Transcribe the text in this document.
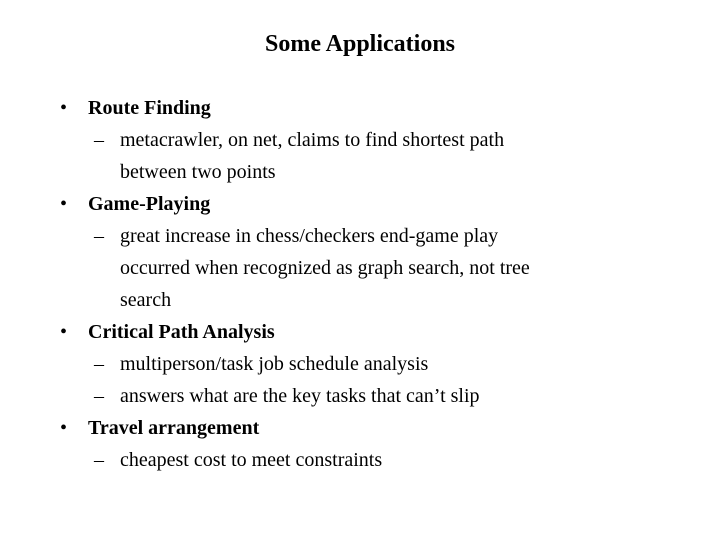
Some Applications
• Route Finding
– metacrawler, on net, claims to find shortest path
between two points
• Game-Playing
– great increase in chess/checkers end-game play
occurred when recognized as graph search, not tree
search
• Critical Path Analysis
– multiperson/task job schedule analysis
– answers what are the key tasks that can’t slip
• Travel arrangement
– cheapest cost to meet constraints
